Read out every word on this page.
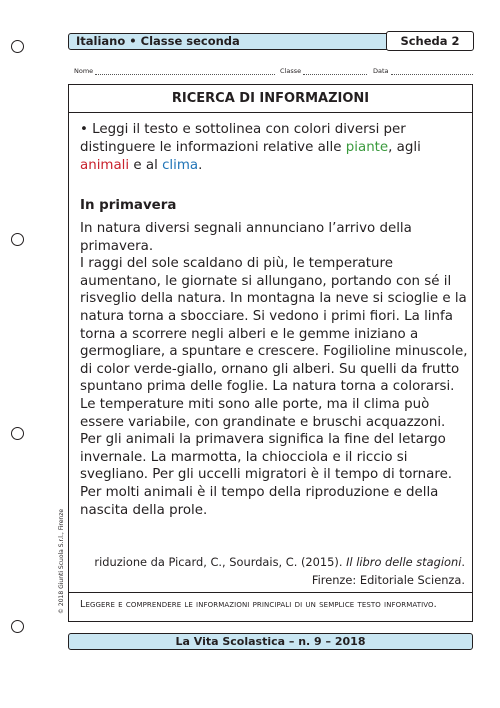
Italiano • Classe seconda	Scheda 2
Nome	Classe	Data
RICERCA DI INFORMAZIONI
• Leggi il testo e sottolinea con colori diversi per distinguere le informazioni relative alle piante, agli animali e al clima.
In primavera

In natura diversi segnali annunciano l’arrivo della primavera.

I raggi del sole scaldano di più, le temperature aumentano, le giornate si allungano, portando con sé il risveglio della natura. In montagna la neve si scioglie e la natura torna a sbocciare. Si vedono i primi fiori. La linfa torna a scorrere negli alberi e le gemme iniziano a germogliare, a spuntare e crescere. Fogilioline minuscole, di color verde-giallo, ornano gli alberi. Su quelli da frutto spuntano prima delle foglie. La natura torna a colorarsi.

Le temperature miti sono alle porte, ma il clima può essere variabile, con grandinate e bruschi acquazzoni.

Per gli animali la primavera significa la fine del letargo invernale. La marmotta, la chiocciola e il riccio si svegliano. Per gli uccelli migratori è il tempo di tornare. Per molti animali è il tempo della riproduzione e della nascita della prole.

riduzione da Picard, C., Sourdais, C. (2015). Il libro delle stagioni.
Firenze: Editoriale Scienza.
Leggere e comprendere le informazioni principali di un semplice testo informativo.
La Vita Scolastica – n. 9 – 2018
© 2018 Giunti Scuola S.r.l., Firenze
